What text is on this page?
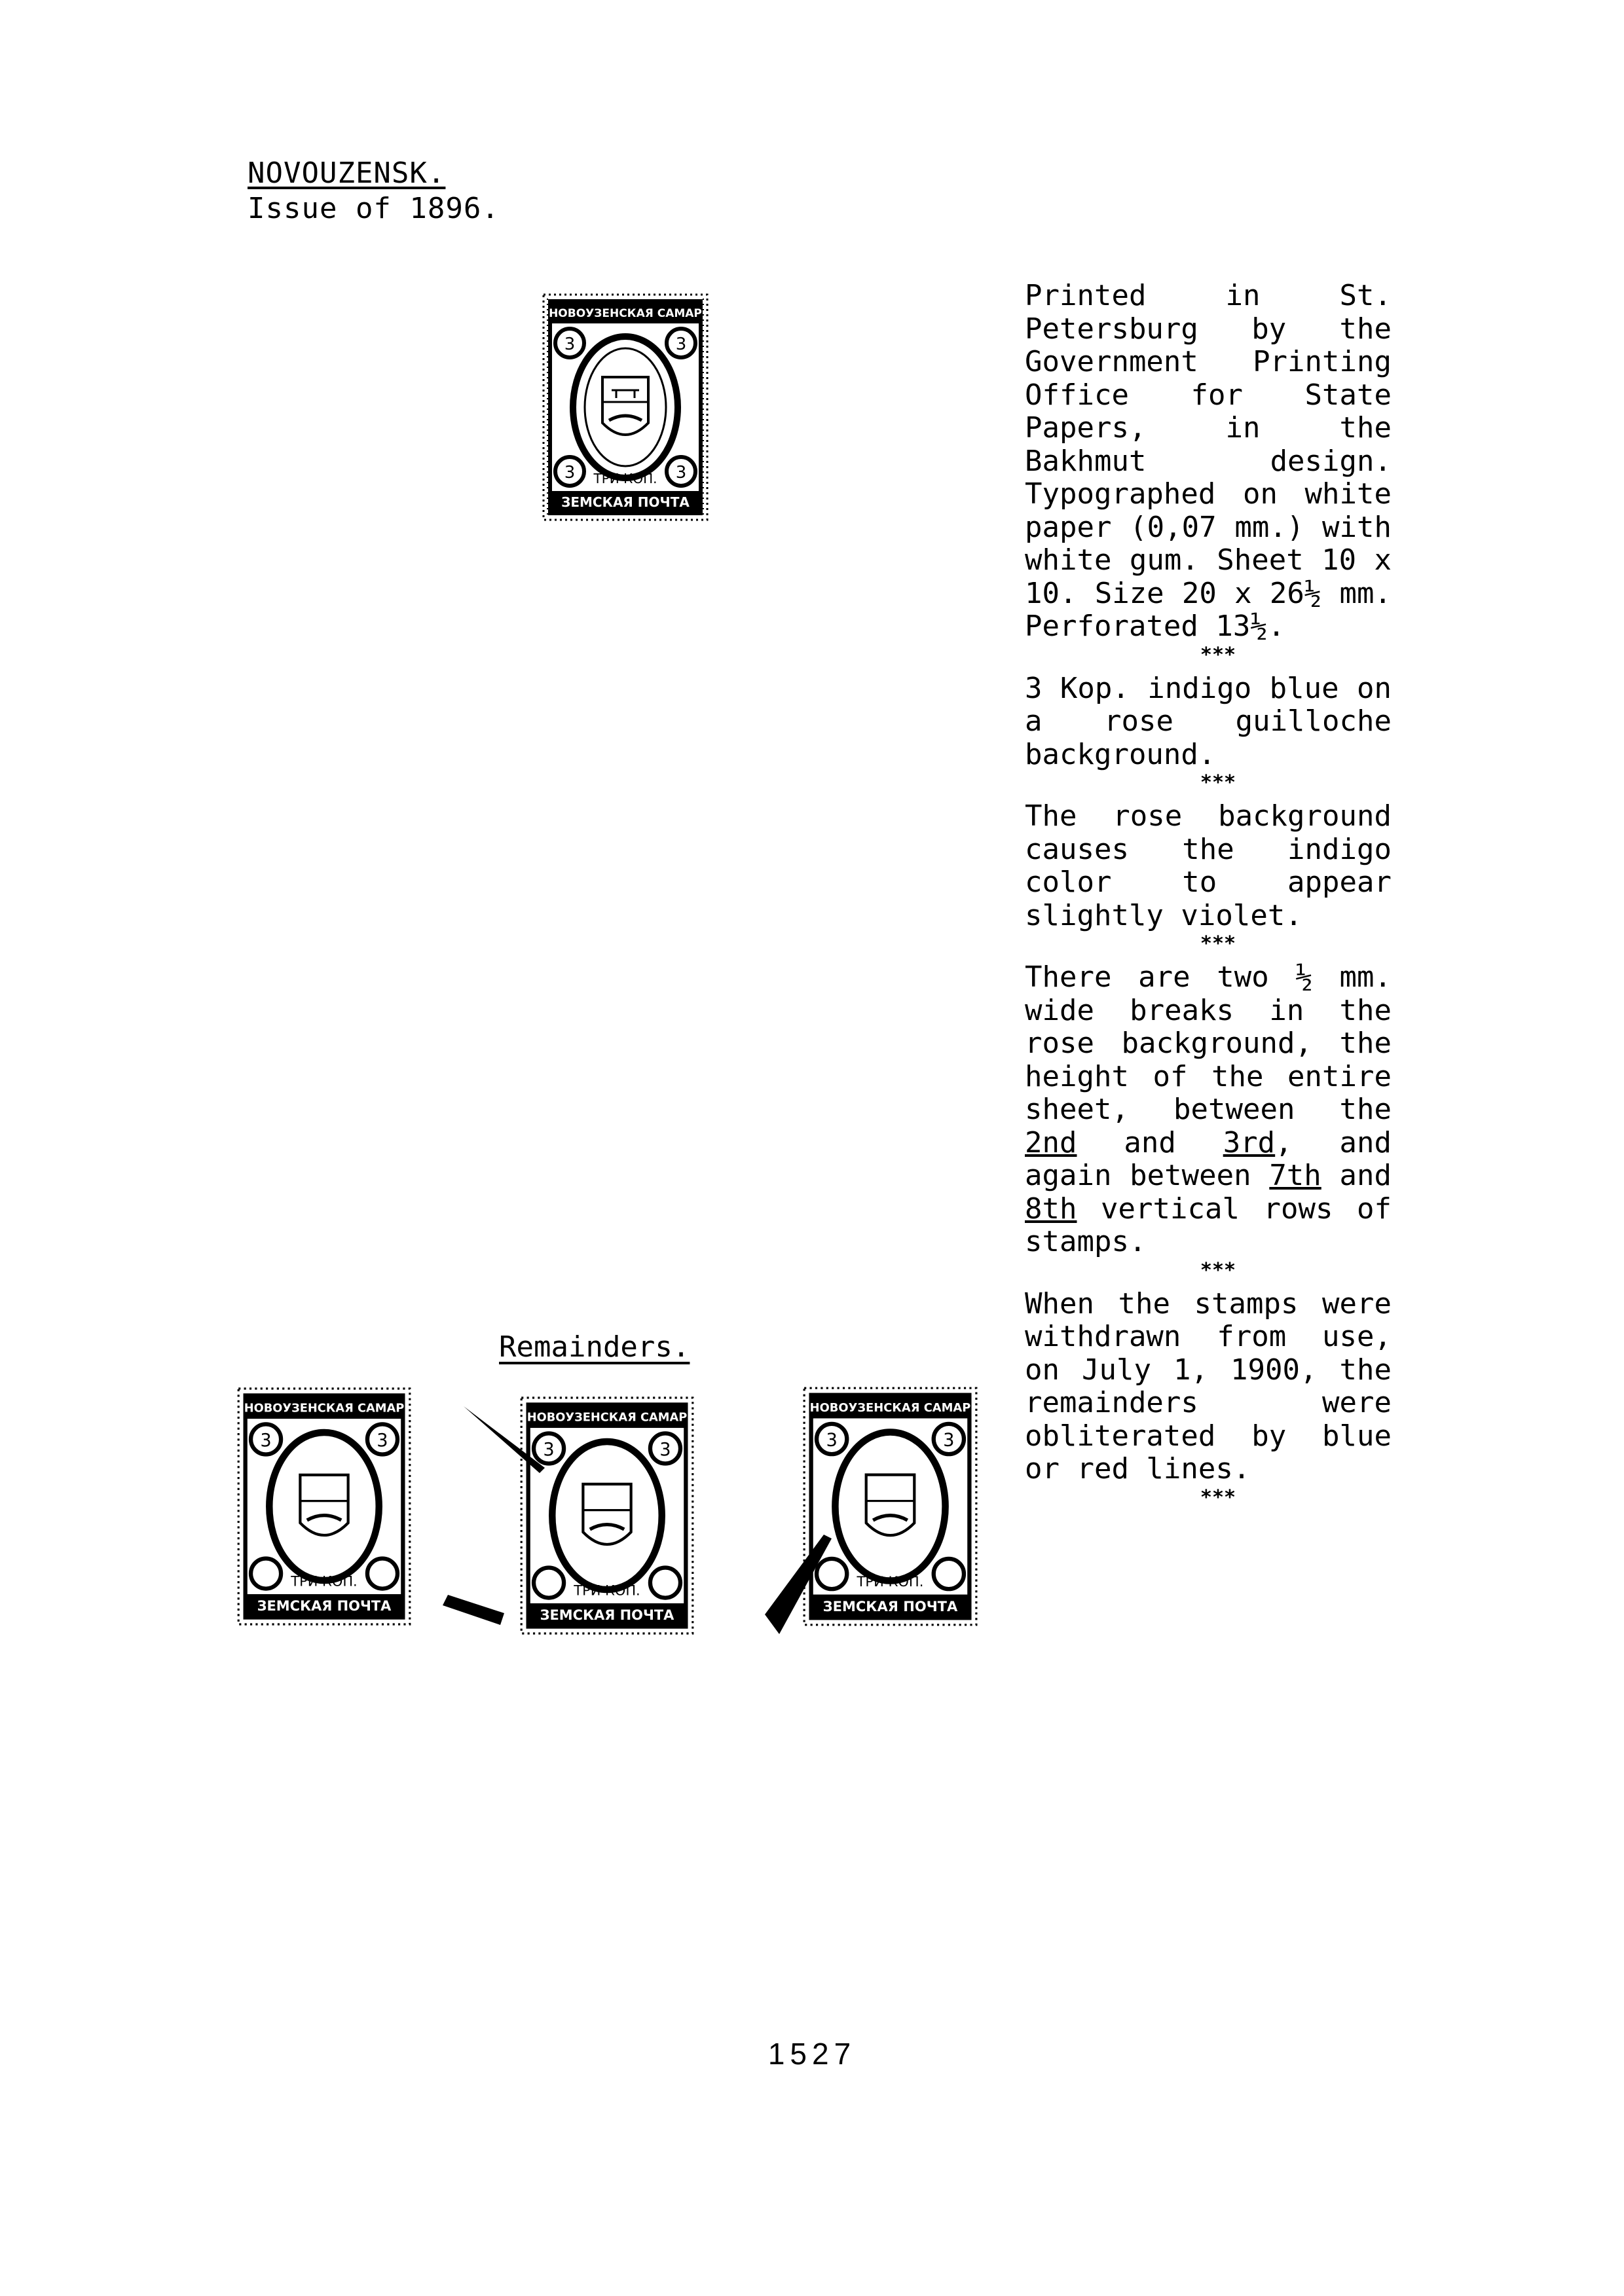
NOVOUZENSK.
Issue of 1896.
НОВОУЗЕНСКАЯ САМАР
ЗЕМСКАЯ ПОЧТА
3	3
3	3
ТРИ КОП.

Printed in St. Petersburg by the Government Printing Office for State Papers, in the Bakhmut design. Typographed on white paper (0,07 mm.) with white gum. Sheet 10 x 10. Size 20 x 26½ mm. Perforated 13½.

***

3 Kop. indigo blue on a rose guilloche background.

***

The rose background causes the indigo color to appear slightly violet.

***

There are two ½ mm. wide breaks in the rose background, the height of the entire sheet, between the 2nd and 3rd, and again between 7th and 8th vertical rows of stamps.

***

When the stamps were withdrawn from use, on July 1, 1900, the remainders were obliterated by blue or red lines.

***
Remainders.
НОВОУЗЕНСКАЯ САМАР
ЗЕМСКАЯ ПОЧТА
3	3
ТРИ КОП.
НОВОУЗЕНСКАЯ САМАР
ЗЕМСКАЯ ПОЧТА
3	3
ТРИ КОП.
НОВОУЗЕНСКАЯ САМАР
ЗЕМСКАЯ ПОЧТА
3	3
ТРИ КОП.
1527
